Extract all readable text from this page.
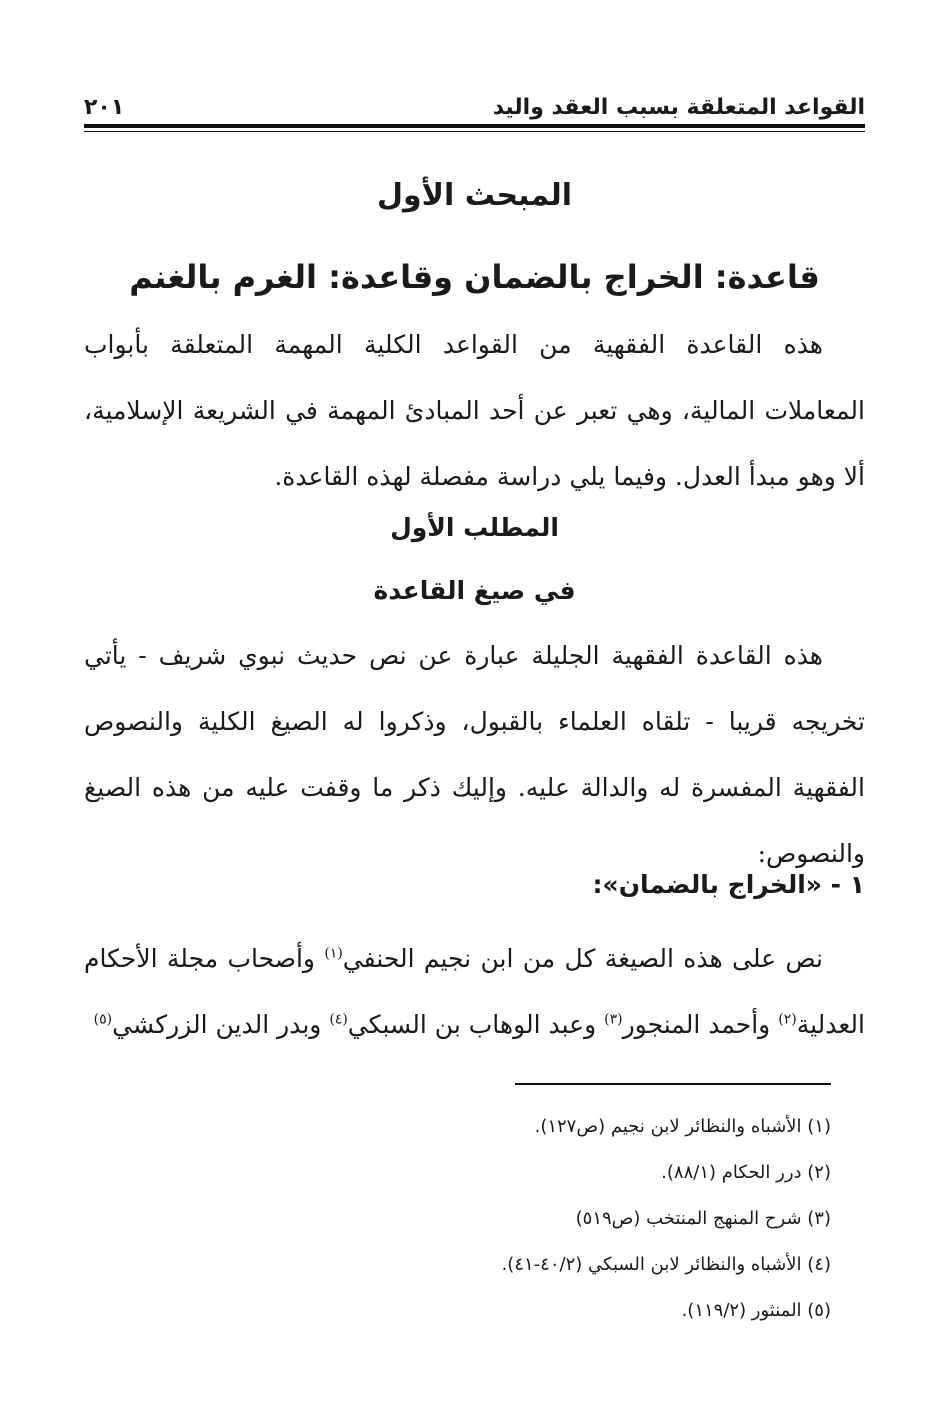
القواعد المتعلقة بسبب العقد واليد
٢٠١
المبحث الأول
قاعدة: الخراج بالضمان وقاعدة: الغرم بالغنم

هذه القاعدة الفقهية من القواعد الكلية المهمة المتعلقة بأبواب المعاملات المالية، وهي تعبر عن أحد المبادئ المهمة في الشريعة الإسلامية، ألا وهو مبدأ العدل. وفيما يلي دراسة مفصلة لهذه القاعدة.

المطلب الأول
في صيغ القاعدة

هذه القاعدة الفقهية الجليلة عبارة عن نص حديث نبوي شريف - يأتي تخريجه قريبا - تلقاه العلماء بالقبول، وذكروا له الصيغ الكلية والنصوص الفقهية المفسرة له والدالة عليه. وإليك ذكر ما وقفت عليه من هذه الصيغ والنصوص:

١ - «الخراج بالضمان»:

نص على هذه الصيغة كل من ابن نجيم الحنفي$^{(١)}$ وأصحاب مجلة الأحكام العدلية$^{(٢)}$ وأحمد المنجور$^{(٣)}$ وعبد الوهاب بن السبكي$^{(٤)}$ وبدر الدين الزركشي$^{(٥)}$

(١) الأشباه والنظائر لابن نجيم (ص١٢٧).
(٢) درر الحكام (٨٨/١).
(٣) شرح المنهج المنتخب (ص٥١٩)
(٤) الأشباه والنظائر لابن السبكي (٤٠/٢-٤١).
(٥) المنثور (١١٩/٢).
